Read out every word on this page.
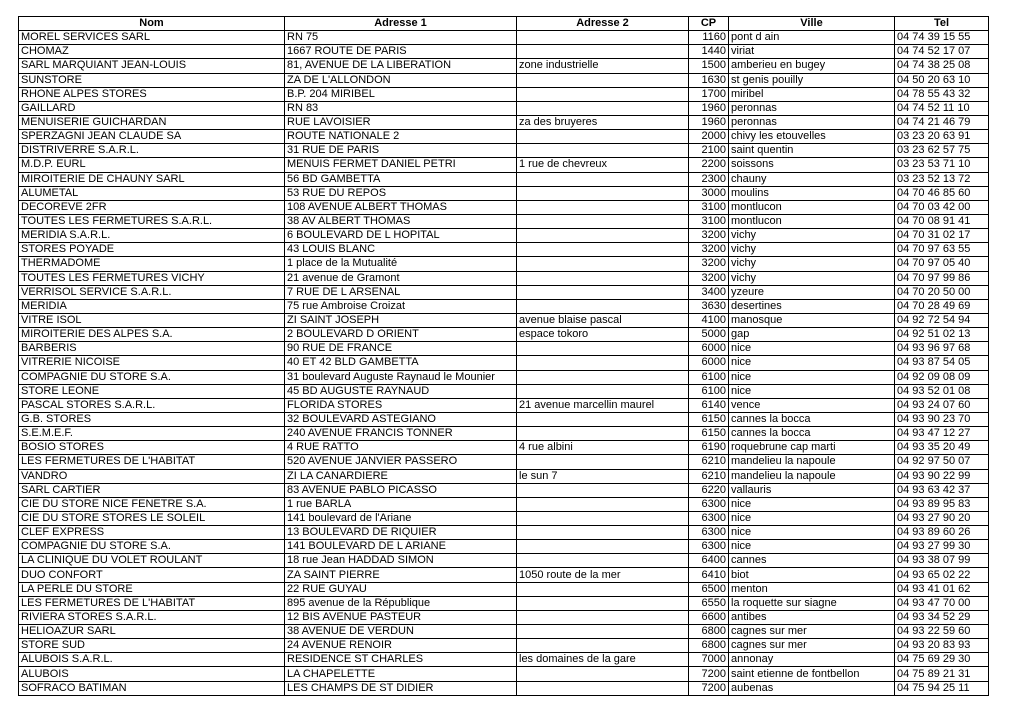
Nom	Adresse 1	Adresse 2	CP	Ville	Tel
MOREL SERVICES SARL	RN 75		1160	pont d ain	04 74 39 15 55
CHOMAZ	1667 ROUTE DE PARIS		1440	viriat	04 74 52 17 07
SARL MARQUIANT JEAN-LOUIS	81, AVENUE DE LA LIBERATION	zone industrielle	1500	amberieu en bugey	04 74 38 25 08
SUNSTORE	ZA DE L'ALLONDON		1630	st genis pouilly	04 50 20 63 10
RHONE ALPES STORES	B.P. 204 MIRIBEL		1700	miribel	04 78 55 43 32
GAILLARD	RN 83		1960	peronnas	04 74 52 11 10
MENUISERIE GUICHARDAN	RUE LAVOISIER	za des bruyeres	1960	peronnas	04 74 21 46 79
SPERZAGNI JEAN CLAUDE SA	ROUTE NATIONALE 2		2000	chivy les etouvelles	03 23 20 63 91
DISTRIVERRE S.A.R.L.	31 RUE DE PARIS		2100	saint quentin	03 23 62 57 75
M.D.P. EURL	MENUIS FERMET DANIEL PETRI	1 rue de chevreux	2200	soissons	03 23 53 71 10
MIROITERIE DE CHAUNY SARL	56 BD GAMBETTA		2300	chauny	03 23 52 13 72
ALUMETAL	53 RUE DU REPOS		3000	moulins	04 70 46 85 60
DECOREVE 2FR	108 AVENUE ALBERT THOMAS		3100	montlucon	04 70 03 42 00
TOUTES LES FERMETURES S.A.R.L.	38 AV ALBERT THOMAS		3100	montlucon	04 70 08 91 41
MERIDIA S.A.R.L.	6 BOULEVARD DE L HOPITAL		3200	vichy	04 70 31 02 17
STORES POYADE	43 LOUIS BLANC		3200	vichy	04 70 97 63 55
THERMADOME	1 place de la Mutualité		3200	vichy	04 70 97 05 40
TOUTES LES FERMETURES VICHY	21 avenue de Gramont		3200	vichy	04 70 97 99 86
VERRISOL SERVICE S.A.R.L.	7 RUE DE L ARSENAL		3400	yzeure	04 70 20 50 00
MERIDIA	75 rue Ambroise Croizat		3630	desertines	04 70 28 49 69
VITRE ISOL	ZI SAINT JOSEPH	avenue blaise pascal	4100	manosque	04 92 72 54 94
MIROITERIE DES ALPES S.A.	2 BOULEVARD D ORIENT	espace tokoro	5000	gap	04 92 51 02 13
BARBERIS	90 RUE DE FRANCE		6000	nice	04 93 96 97 68
VITRERIE NICOISE	40 ET 42 BLD GAMBETTA		6000	nice	04 93 87 54 05
COMPAGNIE DU STORE S.A.	31 boulevard Auguste Raynaud le Mounier		6100	nice	04 92 09 08 09
STORE LEONE	45 BD AUGUSTE RAYNAUD		6100	nice	04 93 52 01 08
PASCAL STORES S.A.R.L.	FLORIDA STORES	21 avenue marcellin maurel	6140	vence	04 93 24 07 60
G.B. STORES	32 BOULEVARD ASTEGIANO		6150	cannes la bocca	04 93 90 23 70
S.E.M.E.F.	240 AVENUE FRANCIS TONNER		6150	cannes la bocca	04 93 47 12 27
BOSIO STORES	4 RUE RATTO	4 rue albini	6190	roquebrune cap marti	04 93 35 20 49
LES FERMETURES DE L'HABITAT	520 AVENUE JANVIER PASSERO		6210	mandelieu la napoule	04 92 97 50 07
VANDRO	ZI LA CANARDIERE	le sun 7	6210	mandelieu la napoule	04 93 90 22 99
SARL CARTIER	83 AVENUE PABLO PICASSO		6220	vallauris	04 93 63 42 37
CIE DU STORE NICE FENETRE S.A.	1 rue BARLA		6300	nice	04 93 89 95 83
CIE DU STORE STORES LE SOLEIL	141 boulevard de l'Ariane		6300	nice	04 93 27 90 20
CLEF EXPRESS	13 BOULEVARD DE RIQUIER		6300	nice	04 93 89 60 26
COMPAGNIE DU STORE S.A.	141 BOULEVARD DE L ARIANE		6300	nice	04 93 27 99 30
LA CLINIQUE DU VOLET ROULANT	18 rue Jean HADDAD SIMON		6400	cannes	04 93 38 07 99
DUO CONFORT	ZA SAINT PIERRE	1050 route de la mer	6410	biot	04 93 65 02 22
LA PERLE DU STORE	22 RUE GUYAU		6500	menton	04 93 41 01 62
LES FERMETURES DE L'HABITAT	895 avenue de la République		6550	la roquette sur siagne	04 93 47 70 00
RIVIERA STORES S.A.R.L.	12 BIS AVENUE PASTEUR		6600	antibes	04 93 34 52 29
HELIOAZUR SARL	38 AVENUE DE VERDUN		6800	cagnes sur mer	04 93 22 59 60
STORE SUD	24 AVENUE RENOIR		6800	cagnes sur mer	04 93 20 83 93
ALUBOIS S.A.R.L.	RESIDENCE ST CHARLES	les domaines de la gare	7000	annonay	04 75 69 29 30
ALUBOIS	LA CHAPELETTE		7200	saint etienne de fontbellon	04 75 89 21 31
SOFRACO BATIMAN	LES CHAMPS DE ST DIDIER		7200	aubenas	04 75 94 25 11
